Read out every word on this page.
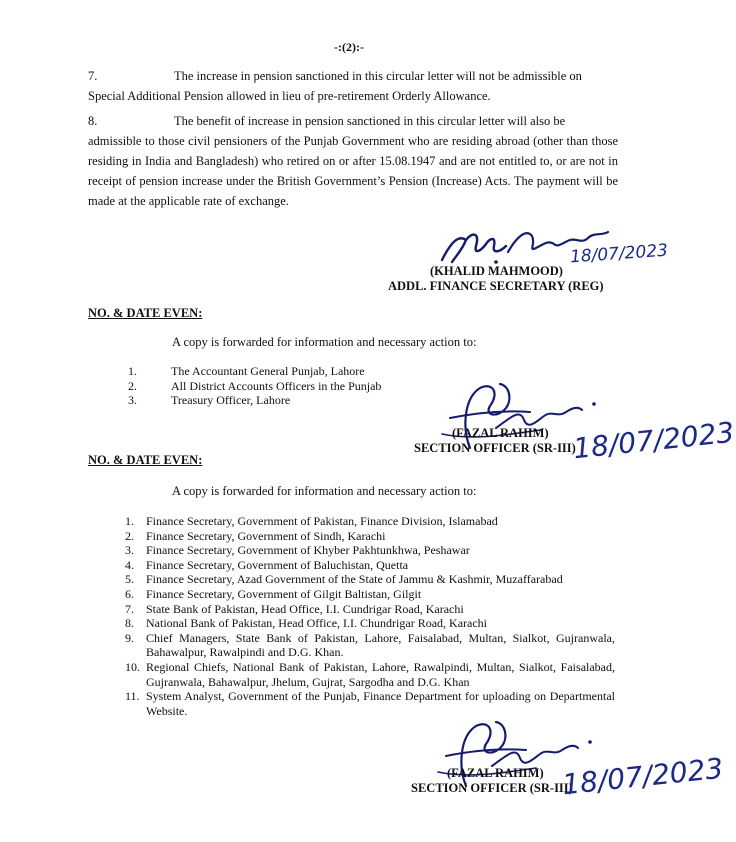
-:(2):-
7.	The increase in pension sanctioned in this circular letter will not be admissible on
Special Additional Pension allowed in lieu of pre-retirement Orderly Allowance.
8.	The benefit of increase in pension sanctioned in this circular letter will also be
admissible to those civil pensioners of the Punjab Government who are residing abroad (other than those residing in India and Bangladesh) who retired on or after 15.08.1947 and are not entitled to, or are not in receipt of pension increase under the British Government’s Pension (Increase) Acts. The payment will be made at the applicable rate of exchange.
18/07/2023
(KHALID MAHMOOD)
ADDL. FINANCE SECRETARY (REG)
NO. & DATE EVEN:
A copy is forwarded for information and necessary action to:
1.	The Accountant General Punjab, Lahore
2.	All District Accounts Officers in the Punjab
3.	Treasury Officer, Lahore
(FAZAL RAHIM)
SECTION OFFICER (SR-III)
18/07/2023
NO. & DATE EVEN:
A copy is forwarded for information and necessary action to:
1.	Finance Secretary, Government of Pakistan, Finance Division, Islamabad
2.	Finance Secretary, Government of Sindh, Karachi
3.	Finance Secretary, Government of Khyber Pakhtunkhwa, Peshawar
4.	Finance Secretary, Government of Baluchistan, Quetta
5.	Finance Secretary, Azad Government of the State of Jammu & Kashmir, Muzaffarabad
6.	Finance Secretary, Government of Gilgit Baltistan, Gilgit
7.	State Bank of Pakistan, Head Office, I.I. Cundrigar Road, Karachi
8.	National Bank of Pakistan, Head Office, I.I. Chundrigar Road, Karachi
9.	Chief Managers, State Bank of Pakistan, Lahore, Faisalabad, Multan, Sialkot, Gujranwala, Bahawalpur, Rawalpindi and D.G. Khan.
10. Regional Chiefs, National Bank of Pakistan, Lahore, Rawalpindi, Multan, Sialkot, Faisalabad, Gujranwala, Bahawalpur, Jhelum, Gujrat, Sargodha and D.G. Khan
11. System Analyst, Government of the Punjab, Finance Department for uploading on Departmental Website.
(FAZAL RAHIM)
SECTION OFFICER (SR-III)
18/07/2023
